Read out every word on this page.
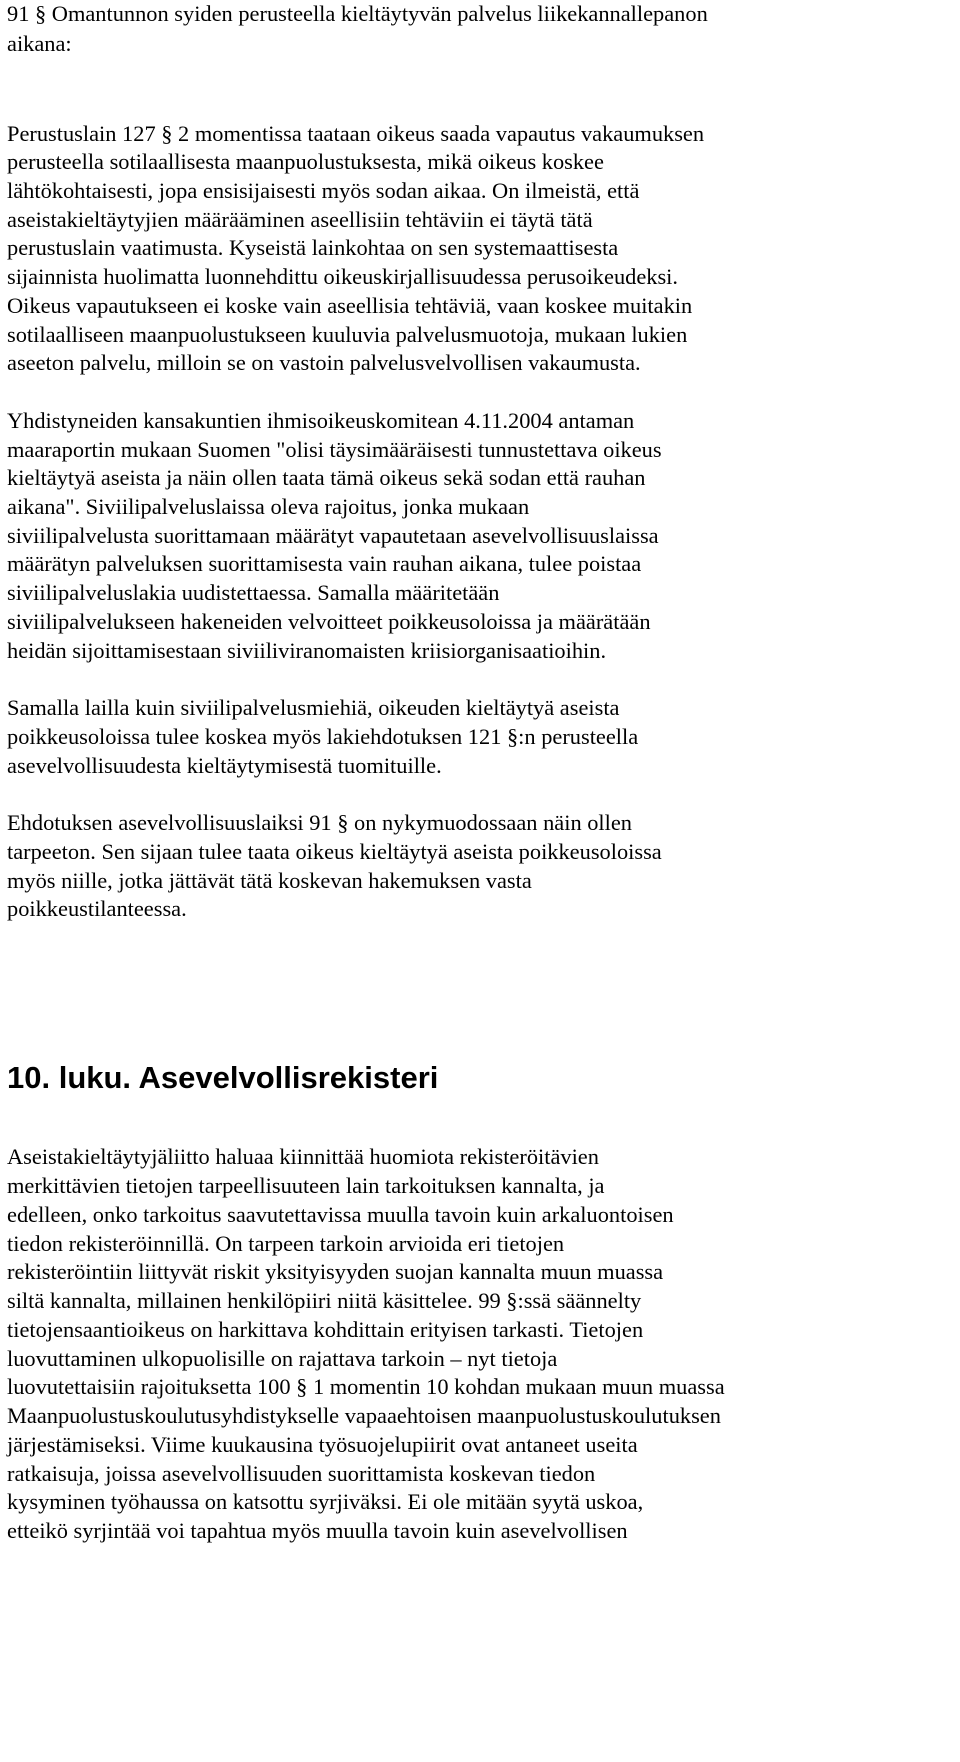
91 § Omantunnon syiden perusteella kieltäytyvän palvelus liikekannallepanon
aikana:
Perustuslain 127 § 2 momentissa taataan oikeus saada vapautus vakaumuksen
perusteella sotilaallisesta maanpuolustuksesta, mikä oikeus koskee
lähtökohtaisesti, jopa ensisijaisesti myös sodan aikaa. On ilmeistä, että
aseistakieltäytyjien määrääminen aseellisiin tehtäviin ei täytä tätä
perustuslain vaatimusta. Kyseistä lainkohtaa on sen systemaattisesta
sijainnista huolimatta luonnehdittu oikeuskirjallisuudessa perusoikeudeksi.
Oikeus vapautukseen ei koske vain aseellisia tehtäviä, vaan koskee muitakin
sotilaalliseen maanpuolustukseen kuuluvia palvelusmuotoja, mukaan lukien
aseeton palvelu, milloin se on vastoin palvelusvelvollisen vakaumusta.
Yhdistyneiden kansakuntien ihmisoikeuskomitean 4.11.2004 antaman
maaraportin mukaan Suomen "olisi täysimääräisesti tunnustettava oikeus
kieltäytyä aseista ja näin ollen taata tämä oikeus sekä sodan että rauhan
aikana". Siviilipalveluslaissa oleva rajoitus, jonka mukaan
siviilipalvelusta suorittamaan määrätyt vapautetaan asevelvollisuuslaissa
määrätyn palveluksen suorittamisesta vain rauhan aikana, tulee poistaa
siviilipalveluslakia uudistettaessa. Samalla määritetään
siviilipalvelukseen hakeneiden velvoitteet poikkeusoloissa ja määrätään
heidän sijoittamisestaan siviiliviranomaisten kriisiorganisaatioihin.
Samalla lailla kuin siviilipalvelusmiehiä, oikeuden kieltäytyä aseista
poikkeusoloissa tulee koskea myös lakiehdotuksen 121 §:n perusteella
asevelvollisuudesta kieltäytymisestä tuomituille.
Ehdotuksen asevelvollisuuslaiksi 91 § on nykymuodossaan näin ollen
tarpeeton. Sen sijaan tulee taata oikeus kieltäytyä aseista poikkeusoloissa
myös niille, jotka jättävät tätä koskevan hakemuksen vasta
poikkeustilanteessa.
10. luku. Asevelvollisrekisteri
Aseistakieltäytyjäliitto haluaa kiinnittää huomiota rekisteröitävien
merkittävien tietojen tarpeellisuuteen lain tarkoituksen kannalta, ja
edelleen, onko tarkoitus saavutettavissa muulla tavoin kuin arkaluontoisen
tiedon rekisteröinnillä. On tarpeen tarkoin arvioida eri tietojen
rekisteröintiin liittyvät riskit yksityisyyden suojan kannalta muun muassa
siltä kannalta, millainen henkilöpiiri niitä käsittelee. 99 §:ssä säännelty
tietojensaantioikeus on harkittava kohdittain erityisen tarkasti. Tietojen
luovuttaminen ulkopuolisille on rajattava tarkoin – nyt tietoja
luovutettaisiin rajoituksetta 100 § 1 momentin 10 kohdan mukaan muun muassa
Maanpuolustuskoulutusyhdistykselle vapaaehtoisen maanpuolustuskoulutuksen
järjestämiseksi. Viime kuukausina työsuojelupiirit ovat antaneet useita
ratkaisuja, joissa asevelvollisuuden suorittamista koskevan tiedon
kysyminen työhaussa on katsottu syrjiväksi. Ei ole mitään syytä uskoa,
etteikö syrjintää voi tapahtua myös muulla tavoin kuin asevelvollisen
